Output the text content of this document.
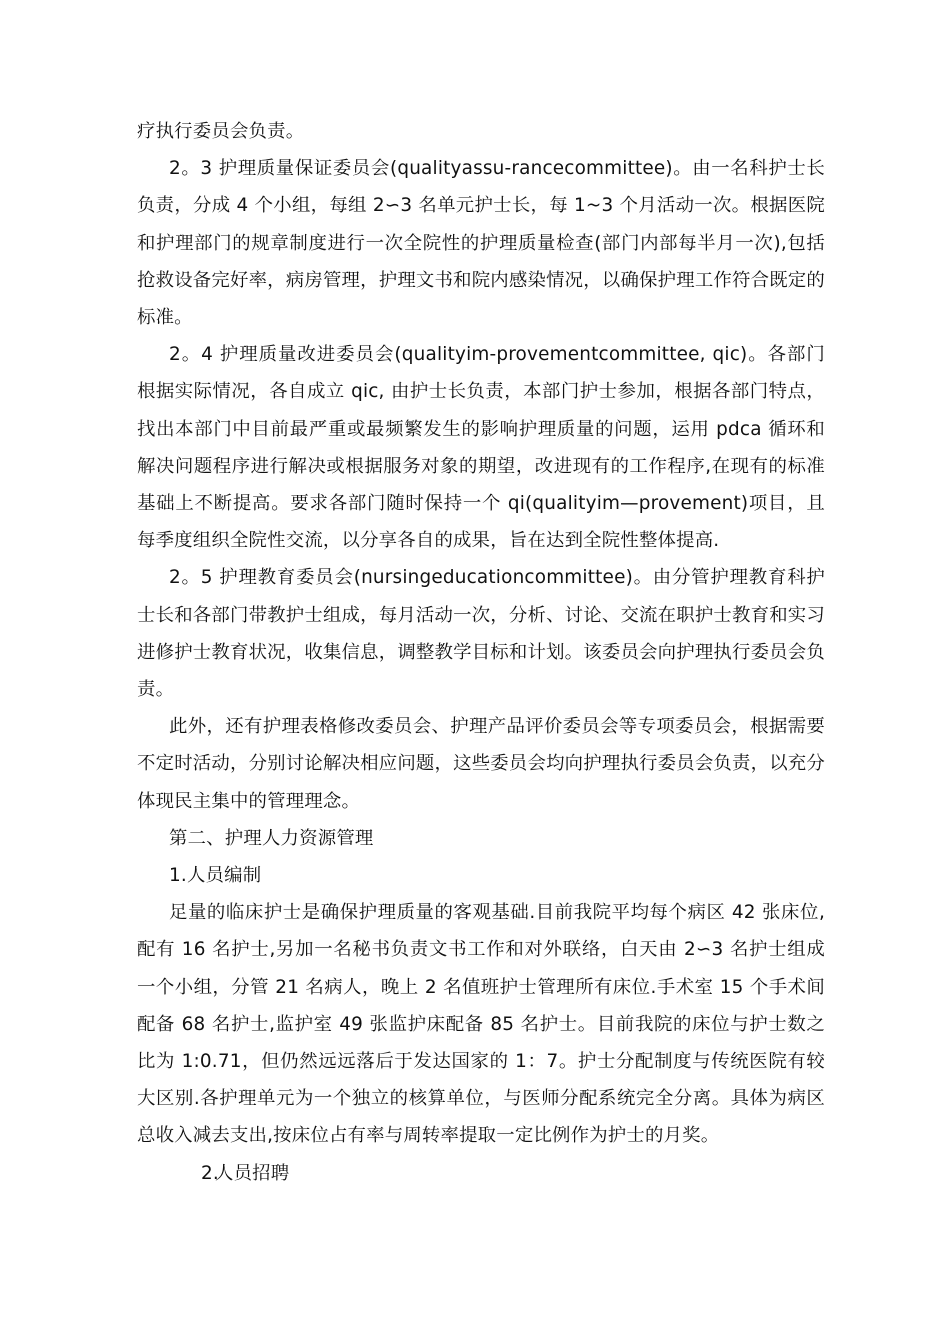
疗执行委员会负责。

2。3 护理质量保证委员会(qualityassu-rancecommittee)。由一名科护士长负责，分成 4 个小组，每组 2∽3 名单元护士长，每 1~3 个月活动一次。根据医院和护理部门的规章制度进行一次全院性的护理质量检查(部门内部每半月一次),包括抢救设备完好率，病房管理，护理文书和院内感染情况，以确保护理工作符合既定的标准。

2。4 护理质量改进委员会(qualityim-provementcommittee, qic)。各部门根据实际情况，各自成立 qic, 由护士长负责，本部门护士参加，根据各部门特点，找出本部门中目前最严重或最频繁发生的影响护理质量的问题，运用 pdca 循环和解决问题程序进行解决或根据服务对象的期望，改进现有的工作程序,在现有的标准基础上不断提高。要求各部门随时保持一个 qi(qualityim—provement)项目，且每季度组织全院性交流，以分享各自的成果，旨在达到全院性整体提高.

2。5 护理教育委员会(nursingeducationcommittee)。由分管护理教育科护士长和各部门带教护士组成，每月活动一次，分析、讨论、交流在职护士教育和实习进修护士教育状况，收集信息，调整教学目标和计划。该委员会向护理执行委员会负责。

此外，还有护理表格修改委员会、护理产品评价委员会等专项委员会，根据需要不定时活动，分别讨论解决相应问题，这些委员会均向护理执行委员会负责，以充分体现民主集中的管理理念。

第二、护理人力资源管理

1.人员编制

足量的临床护士是确保护理质量的客观基础.目前我院平均每个病区 42 张床位,配有 16 名护士,另加一名秘书负责文书工作和对外联络，白天由 2∽3 名护士组成一个小组，分管 21 名病人，晚上 2 名值班护士管理所有床位.手术室 15 个手术间配备 68 名护士,监护室 49 张监护床配备 85 名护士。目前我院的床位与护士数之比为 1:0.71，但仍然远远落后于发达国家的 1：7。护士分配制度与传统医院有较大区别.各护理单元为一个独立的核算单位，与医师分配系统完全分离。具体为病区总收入减去支出,按床位占有率与周转率提取一定比例作为护士的月奖。

2.人员招聘
